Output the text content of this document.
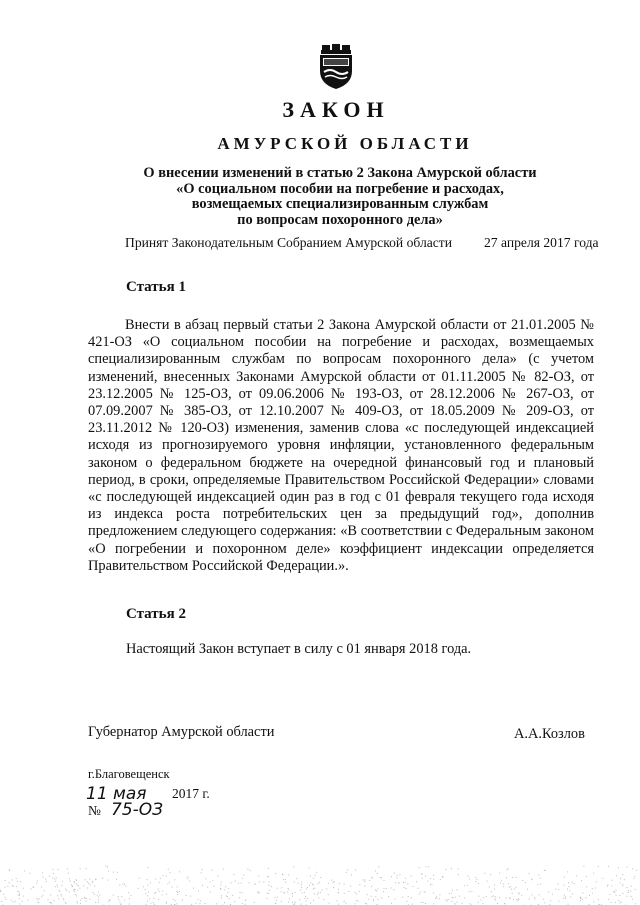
ЗАКОН
АМУРСКОЙ ОБЛАСТИ
О внесении изменений в статью 2 Закона Амурской области
«О социальном пособии на погребение и расходах,
возмещаемых специализированным службам
по вопросам похоронного дела»
Принят Законодательным Собранием Амурской области 27 апреля 2017 года
Статья 1

Внести в абзац первый статьи 2 Закона Амурской области от 21.01.2005 № 421-ОЗ «О социальном пособии на погребение и расходах, возмещаемых специализированным службам по вопросам похоронного дела» (с учетом изменений, внесенных Законами Амурской области от 01.11.2005 № 82-ОЗ, от 23.12.2005 № 125-ОЗ, от 09.06.2006 № 193-ОЗ, от 28.12.2006 № 267-ОЗ, от 07.09.2007 № 385-ОЗ, от 12.10.2007 № 409-ОЗ, от 18.05.2009 № 209-ОЗ, от 23.11.2012 № 120-ОЗ) изменения, заменив слова «с последующей индексацией исходя из прогнозируемого уровня инфляции, установленного федеральным законом о федеральном бюджете на очередной финансовый год и плановый период, в сроки, определяемые Правительством Российской Федерации» словами «с последующей индексацией один раз в год с 01 февраля текущего года исходя из индекса роста потребительских цен за предыдущий год», дополнив предложением следующего содержания: «В соответствии с Федеральным законом «О погребении и похоронном деле» коэффициент индексации определяется Правительством Российской Федерации.».

Статья 2
Настоящий Закон вступает в силу с 01 января 2018 года.
Губернатор Амурской области	А.А.Козлов
г.Благовещенск
11 мая 2017 г.
№ 75-ОЗ
